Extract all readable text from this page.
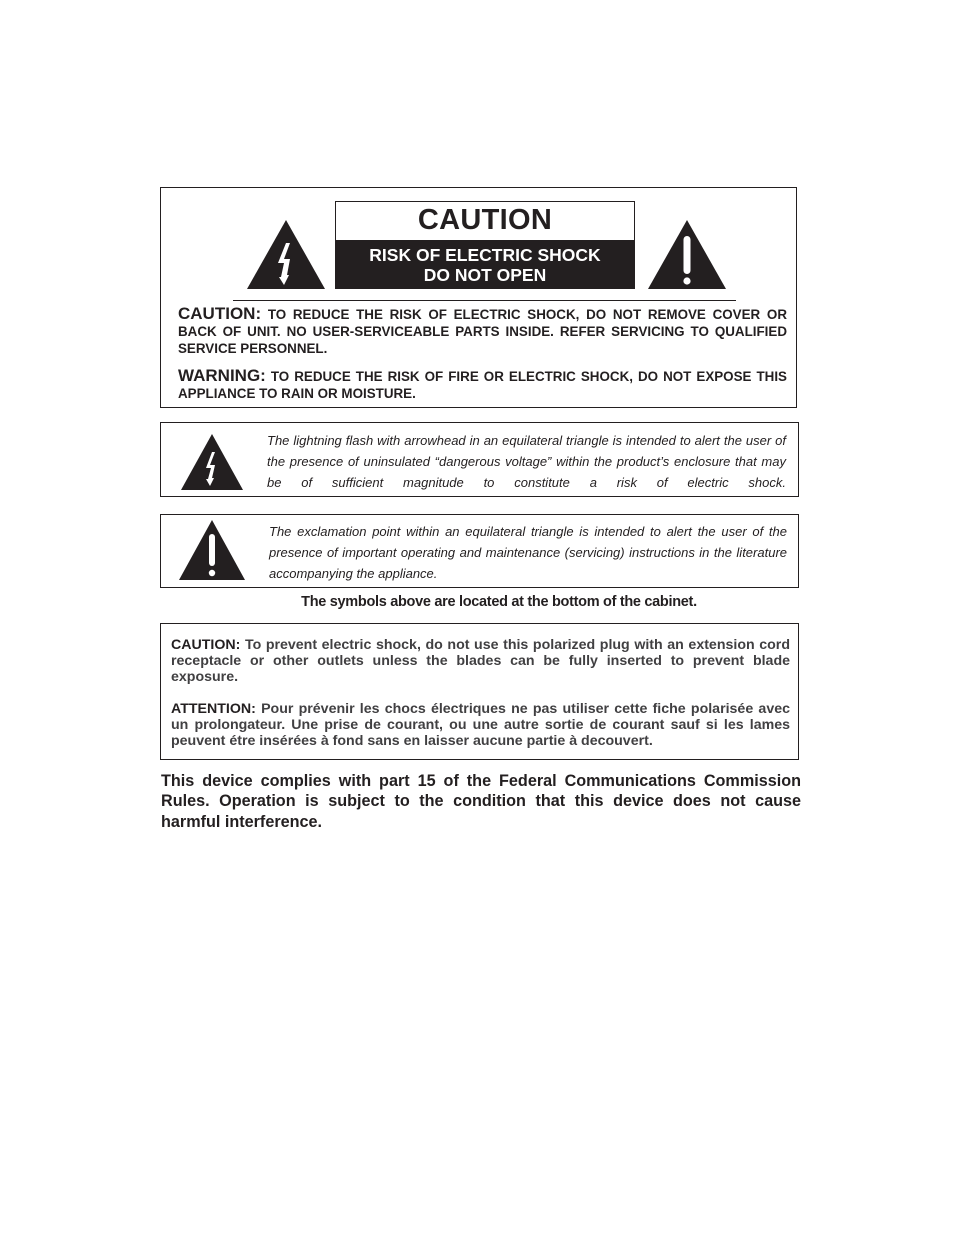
CAUTION
RISK OF ELECTRIC SHOCK
DO NOT OPEN
CAUTION: TO REDUCE THE RISK OF ELECTRIC SHOCK, DO NOT REMOVE COVER OR BACK OF UNIT. NO USER-SERVICEABLE PARTS INSIDE. REFER SERVICING TO QUALIFIED SERVICE PERSONNEL.
WARNING: TO REDUCE THE RISK OF FIRE OR ELECTRIC SHOCK, DO NOT EXPOSE THIS APPLIANCE TO RAIN OR MOISTURE.
The lightning flash with arrowhead in an equilateral triangle is intended to alert the user of the presence of uninsulated “dangerous voltage” within the product’s enclosure that may be of sufficient magnitude to constitute a risk of electric shock.
The exclamation point within an equilateral triangle is intended to alert the user of the presence of important operating and maintenance (servicing) instructions in the literature accompanying the appliance.
The symbols above are located at the bottom of the cabinet.
CAUTION: To prevent electric shock, do not use this polarized plug with an extension cord receptacle or other outlets unless the blades can be fully inserted to prevent blade exposure.
ATTENTION: Pour prévenir les chocs électriques ne pas utiliser cette fiche polarisée avec un prolongateur. Une prise de courant, ou une autre sortie de courant sauf si les lames peuvent étre insérées à fond sans en laisser aucune partie à decouvert.
This device complies with part 15 of the Federal Communications Commission Rules. Operation is subject to the condition that this device does not cause harmful interference.
